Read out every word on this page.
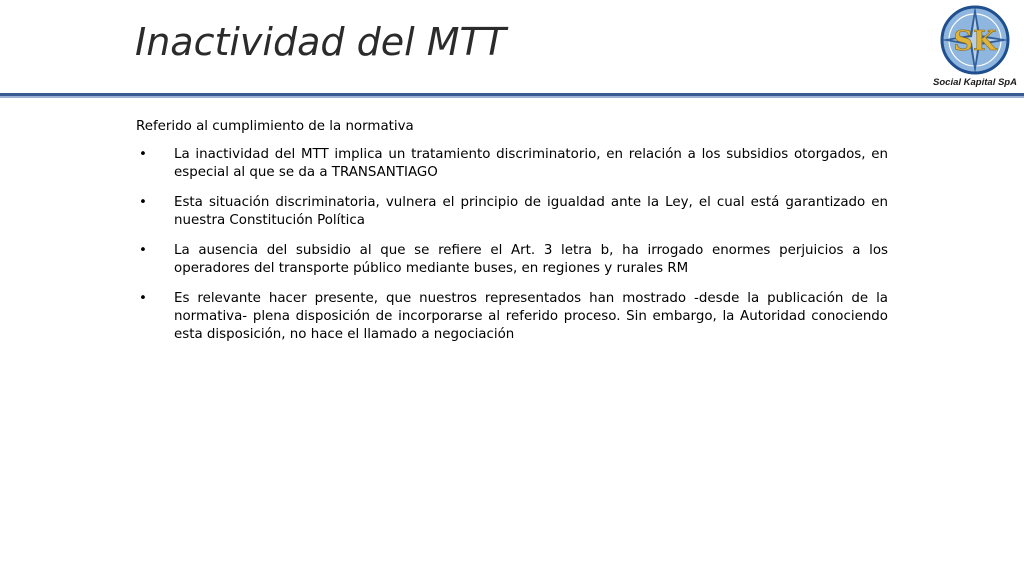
Inactividad del MTT	SK
Social Kapital SpA

Referido al cumplimiento de la normativa

• La inactividad del MTT implica un tratamiento discriminatorio, en relación a los subsidios otorgados, en especial al que se da a TRANSANTIAGO
• Esta situación discriminatoria, vulnera el principio de igualdad ante la Ley, el cual está garantizado en nuestra Constitución Política
• La ausencia del subsidio al que se refiere el Art. 3 letra b, ha irrogado enormes perjuicios a los operadores del transporte público mediante buses, en regiones y rurales RM
• Es relevante hacer presente, que nuestros representados han mostrado -desde la publicación de la normativa- plena disposición de incorporarse al referido proceso. Sin embargo, la Autoridad conociendo esta disposición, no hace el llamado a negociación
